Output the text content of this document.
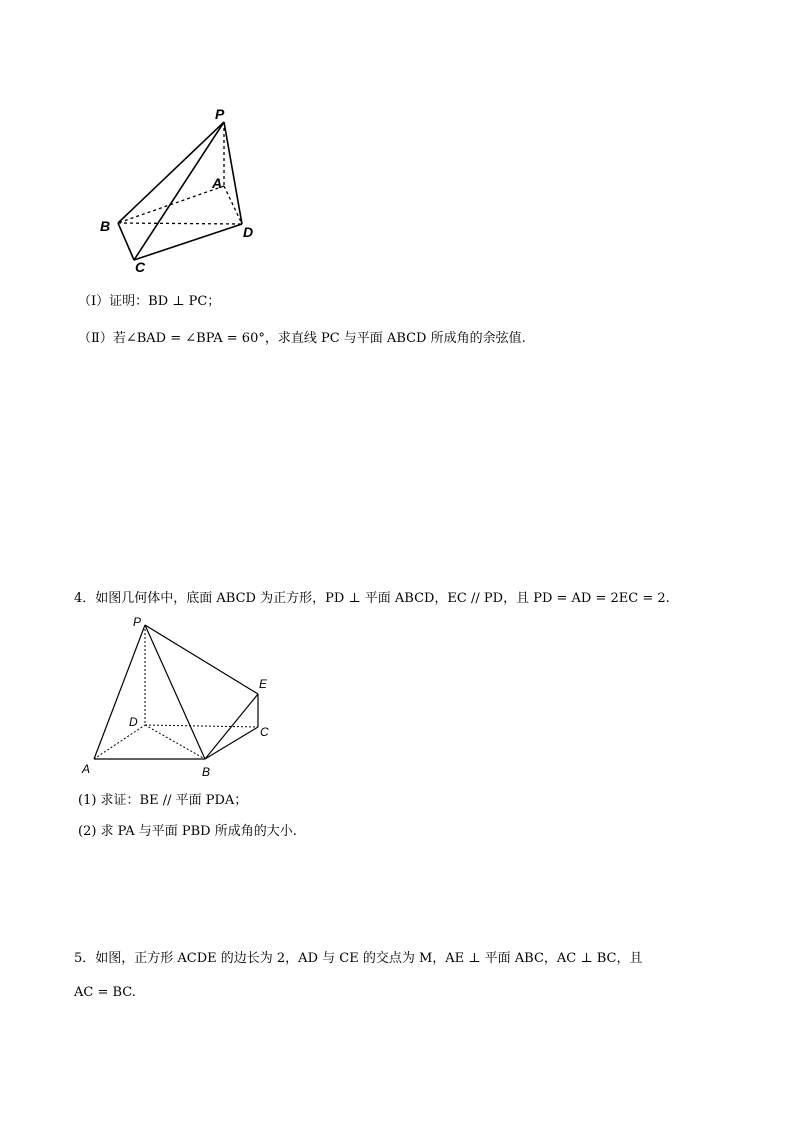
P
A
B
C
D
（Ⅰ）证明：BD ⊥ PC；
（Ⅱ）若∠BAD = ∠BPA = 60°，求直线 PC 与平面 ABCD 所成角的余弦值.
4．如图几何体中，底面 ABCD 为正方形，PD ⊥ 平面 ABCD，EC // PD，且 PD = AD = 2EC = 2.
P
E
D
C
A	B
(1) 求证：BE // 平面 PDA；
(2) 求 PA 与平面 PBD 所成角的大小.
5．如图，正方形 ACDE 的边长为 2，AD 与 CE 的交点为 M，AE ⊥ 平面 ABC，AC ⊥ BC，且
AC = BC.
